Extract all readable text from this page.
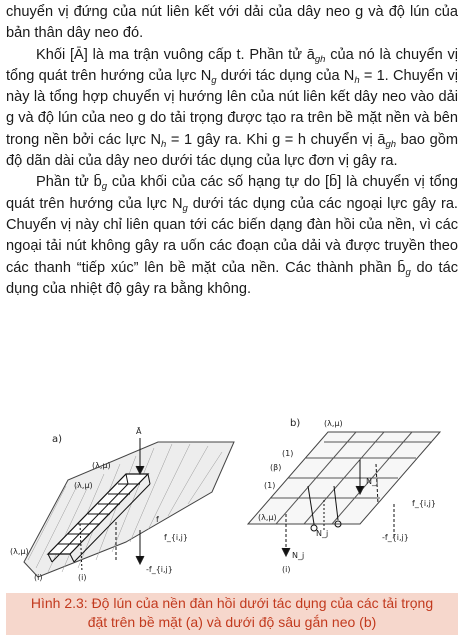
chuyển vị đứng của nút liên kết với dải của dây neo g và độ lún của bản thân dây neo đó.

Khối [Ā] là ma trận vuông cấp t. Phần tử $ā_{gh}$ của nó là chuyển vị tổng quát trên hướng của lực $N_g$ dưới tác dụng của $N_h = 1$. Chuyển vị này là tổng hợp chuyển vị hướng lên của nút liên kết dây neo vào dải g và độ lún của neo g do tải trọng được tạo ra trên bề mặt nền và bên trong nền bởi các lực $N_h = 1$ gây ra. Khi g = h chuyển vị $ā_{gh}$ bao gồm độ dãn dài của dây neo dưới tác dụng của lực đơn vị gây ra.

Phần tử $b̄_g$ của khối của các số hạng tự do [b̄] là chuyển vị tổng quát trên hướng của lực $N_g$ dưới tác dụng của các ngoại lực gây ra. Chuyển vị này chỉ liên quan tới các biến dạng đàn hồi của nền, vì các ngoại tải nút không gây ra uốn các đoạn của dải và được truyền theo các thanh “tiếp xúc” lên bề mặt của nền. Các thành phần $b̄_g$ do tác dụng của nhiệt độ gây ra bằng không.

a)
Ā
(λ,μ)
(λ,μ)
(λ,μ)
(i)	(i)
f
f_{i,j}
-f_{i,j}
b)	(λ,μ)
(λ,μ)
(β)
(1)
(1)
(i)
N_j
N_j
f_{i,j}
-f_{i,j}
N_j
Hình 2.3: Độ lún của nền đàn hồi dưới tác dụng của các tải trọng
đặt trên bề mặt (a) và dưới độ sâu gắn neo (b)
